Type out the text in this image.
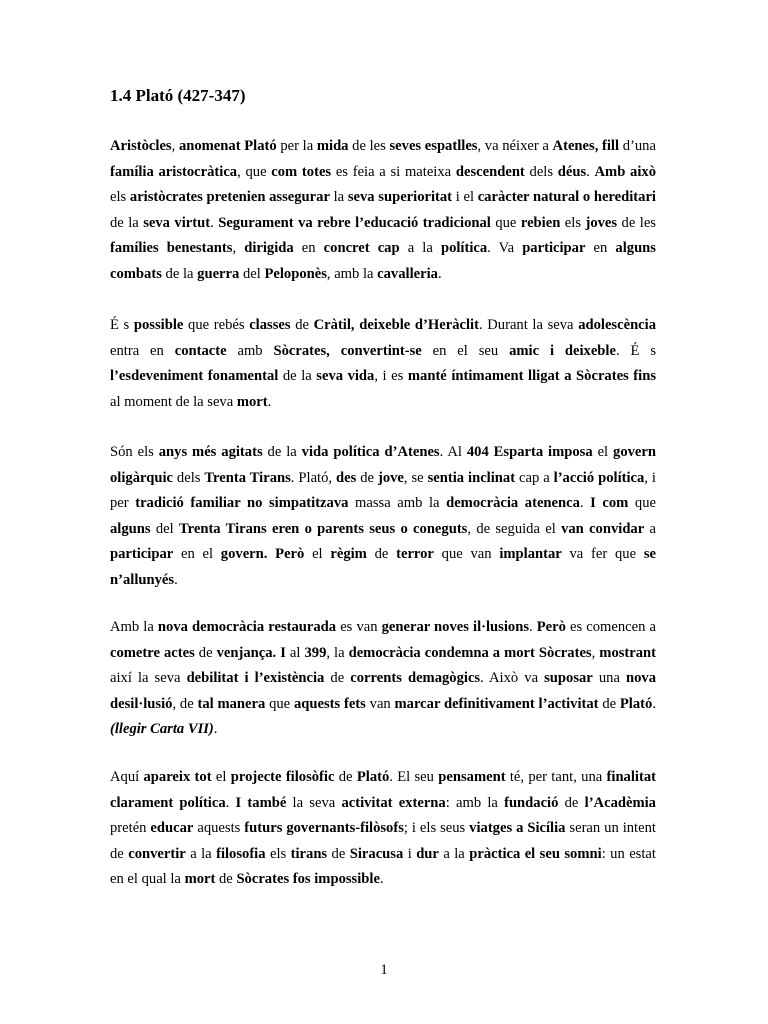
1.4 Plató (427-347)

Aristòcles, anomenat Plató per la mida de les seves espatlles, va néixer a Atenes, fill d’una família aristocràtica, que com totes es feia a si mateixa descendent dels déus. Amb això els aristòcrates pretenien assegurar la seva superioritat i el caràcter natural o hereditari de la seva virtut. Segurament va rebre l’educació tradicional que rebien els joves de les famílies benestants, dirigida en concret cap a la política. Va participar en alguns combats de la guerra del Peloponès, amb la cavalleria.

É s possible que rebés classes de Cràtil, deixeble d’Heràclit. Durant la seva adolescència entra en contacte amb Sòcrates, convertint-se en el seu amic i deixeble. É s l’esdeveniment fonamental de la seva vida, i es manté íntimament lligat a Sòcrates fins al moment de la seva mort.

Són els anys més agitats de la vida política d’Atenes. Al 404 Esparta imposa el govern oligàrquic dels Trenta Tirans. Plató, des de jove, se sentia inclinat cap a l’acció política, i per tradició familiar no simpatitzava massa amb la democràcia atenenca. I com que alguns del Trenta Tirans eren o parents seus o coneguts, de seguida el van convidar a participar en el govern. Però el règim de terror que van implantar va fer que se n’allunyés.

Amb la nova democràcia restaurada es van generar noves il·lusions. Però es comencen a cometre actes de venjança. I al 399, la democràcia condemna a mort Sòcrates, mostrant així la seva debilitat i l’existència de corrents demagògics. Això va suposar una nova desil·lusió, de tal manera que aquests fets van marcar definitivament l’activitat de Plató. (llegir Carta VII).

Aquí apareix tot el projecte filosòfic de Plató. El seu pensament té, per tant, una finalitat clarament política. I també la seva activitat externa: amb la fundació de l’Acadèmia pretén educar aquests futurs governants-filòsofs; i els seus viatges a Sicília seran un intent de convertir a la filosofia els tirans de Siracusa i dur a la pràctica el seu somni: un estat en el qual la mort de Sòcrates fos impossible.

1
